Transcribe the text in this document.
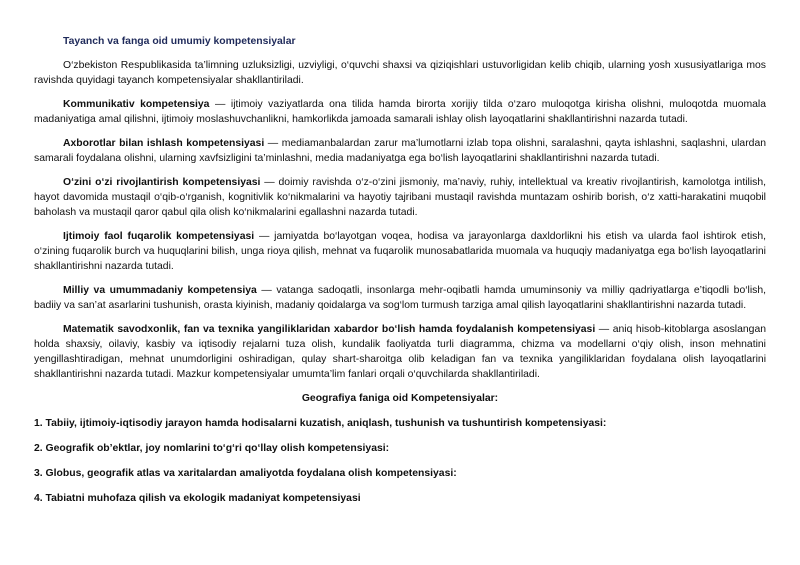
Tayanch va fanga oid umumiy kompetensiyalar

O‘zbekiston Respublikasida ta’limning uzluksizligi, uzviyligi, o‘quvchi shaxsi va qiziqishlari ustuvorligidan kelib chiqib, ularning yosh xususiyatlariga mos ravishda quyidagi tayanch kompetensiyalar shakllantiriladi.

Kommunikativ kompetensiya — ijtimoiy vaziyatlarda ona tilida hamda birorta xorijiy tilda o‘zaro muloqotga kirisha olishni, muloqotda muomala madaniyatiga amal qilishni, ijtimoiy moslashuvchanlikni, hamkorlikda jamoada samarali ishlay olish layoqatlarini shakllantirishni nazarda tutadi.

Axborotlar bilan ishlash kompetensiyasi — mediamanbalardan zarur ma’lumotlarni izlab topa olishni, saralashni, qayta ishlashni, saqlashni, ulardan samarali foydalana olishni, ularning xavfsizligini ta’minlashni, media madaniyatga ega bo‘lish layoqatlarini shakllantirishni nazarda tutadi.

O‘zini o‘zi rivojlantirish kompetensiyasi — doimiy ravishda o‘z-o‘zini jismoniy, ma’naviy, ruhiy, intellektual va kreativ rivojlantirish, kamolotga intilish, hayot davomida mustaqil o‘qib-o‘rganish, kognitivlik ko‘nikmalarini va hayotiy tajribani mustaqil ravishda muntazam oshirib borish, o‘z xatti-harakatini muqobil baholash va mustaqil qaror qabul qila olish ko‘nikmalarini egallashni nazarda tutadi.

Ijtimoiy faol fuqarolik kompetensiyasi — jamiyatda bo‘layotgan voqea, hodisa va jarayonlarga daxldorlikni his etish va ularda faol ishtirok etish, o‘zining fuqarolik burch va huquqlarini bilish, unga rioya qilish, mehnat va fuqarolik munosabatlarida muomala va huquqiy madaniyatga ega bo‘lish layoqatlarini shakllantirishni nazarda tutadi.

Milliy va umummadaniy kompetensiya — vatanga sadoqatli, insonlarga mehr-oqibatli hamda umuminsoniy va milliy qadriyatlarga e’tiqodli bo‘lish, badiiy va san’at asarlarini tushunish, orasta kiyinish, madaniy qoidalarga va sog‘lom turmush tarziga amal qilish layoqatlarini shakllantirishni nazarda tutadi.

Matematik savodxonlik, fan va texnika yangiliklaridan xabardor bo‘lish hamda foydalanish kompetensiyasi — aniq hisob-kitoblarga asoslangan holda shaxsiy, oilaviy, kasbiy va iqtisodiy rejalarni tuza olish, kundalik faoliyatda turli diagramma, chizma va modellarni o‘qiy olish, inson mehnatini yengillashtiradigan, mehnat unumdorligini oshiradigan, qulay shart-sharoitga olib keladigan fan va texnika yangiliklaridan foydalana olish layoqatlarini shakllantirishni nazarda tutadi. Mazkur kompetensiyalar umumta’lim fanlari orqali o‘quvchilarda shakllantiriladi.

Geografiya faniga oid Kompetensiyalar:
1. Tabiiy, ijtimoiy-iqtisodiy jarayon hamda hodisalarni kuzatish, aniqlash, tushunish va tushuntirish kompetensiyasi:
2. Geografik ob’ektlar, joy nomlarini to‘g‘ri qo‘llay olish kompetensiyasi:
3. Globus, geografik atlas va xaritalardan amaliyotda foydalana olish kompetensiyasi:
4. Tabiatni muhofaza qilish va ekologik madaniyat kompetensiyasi
